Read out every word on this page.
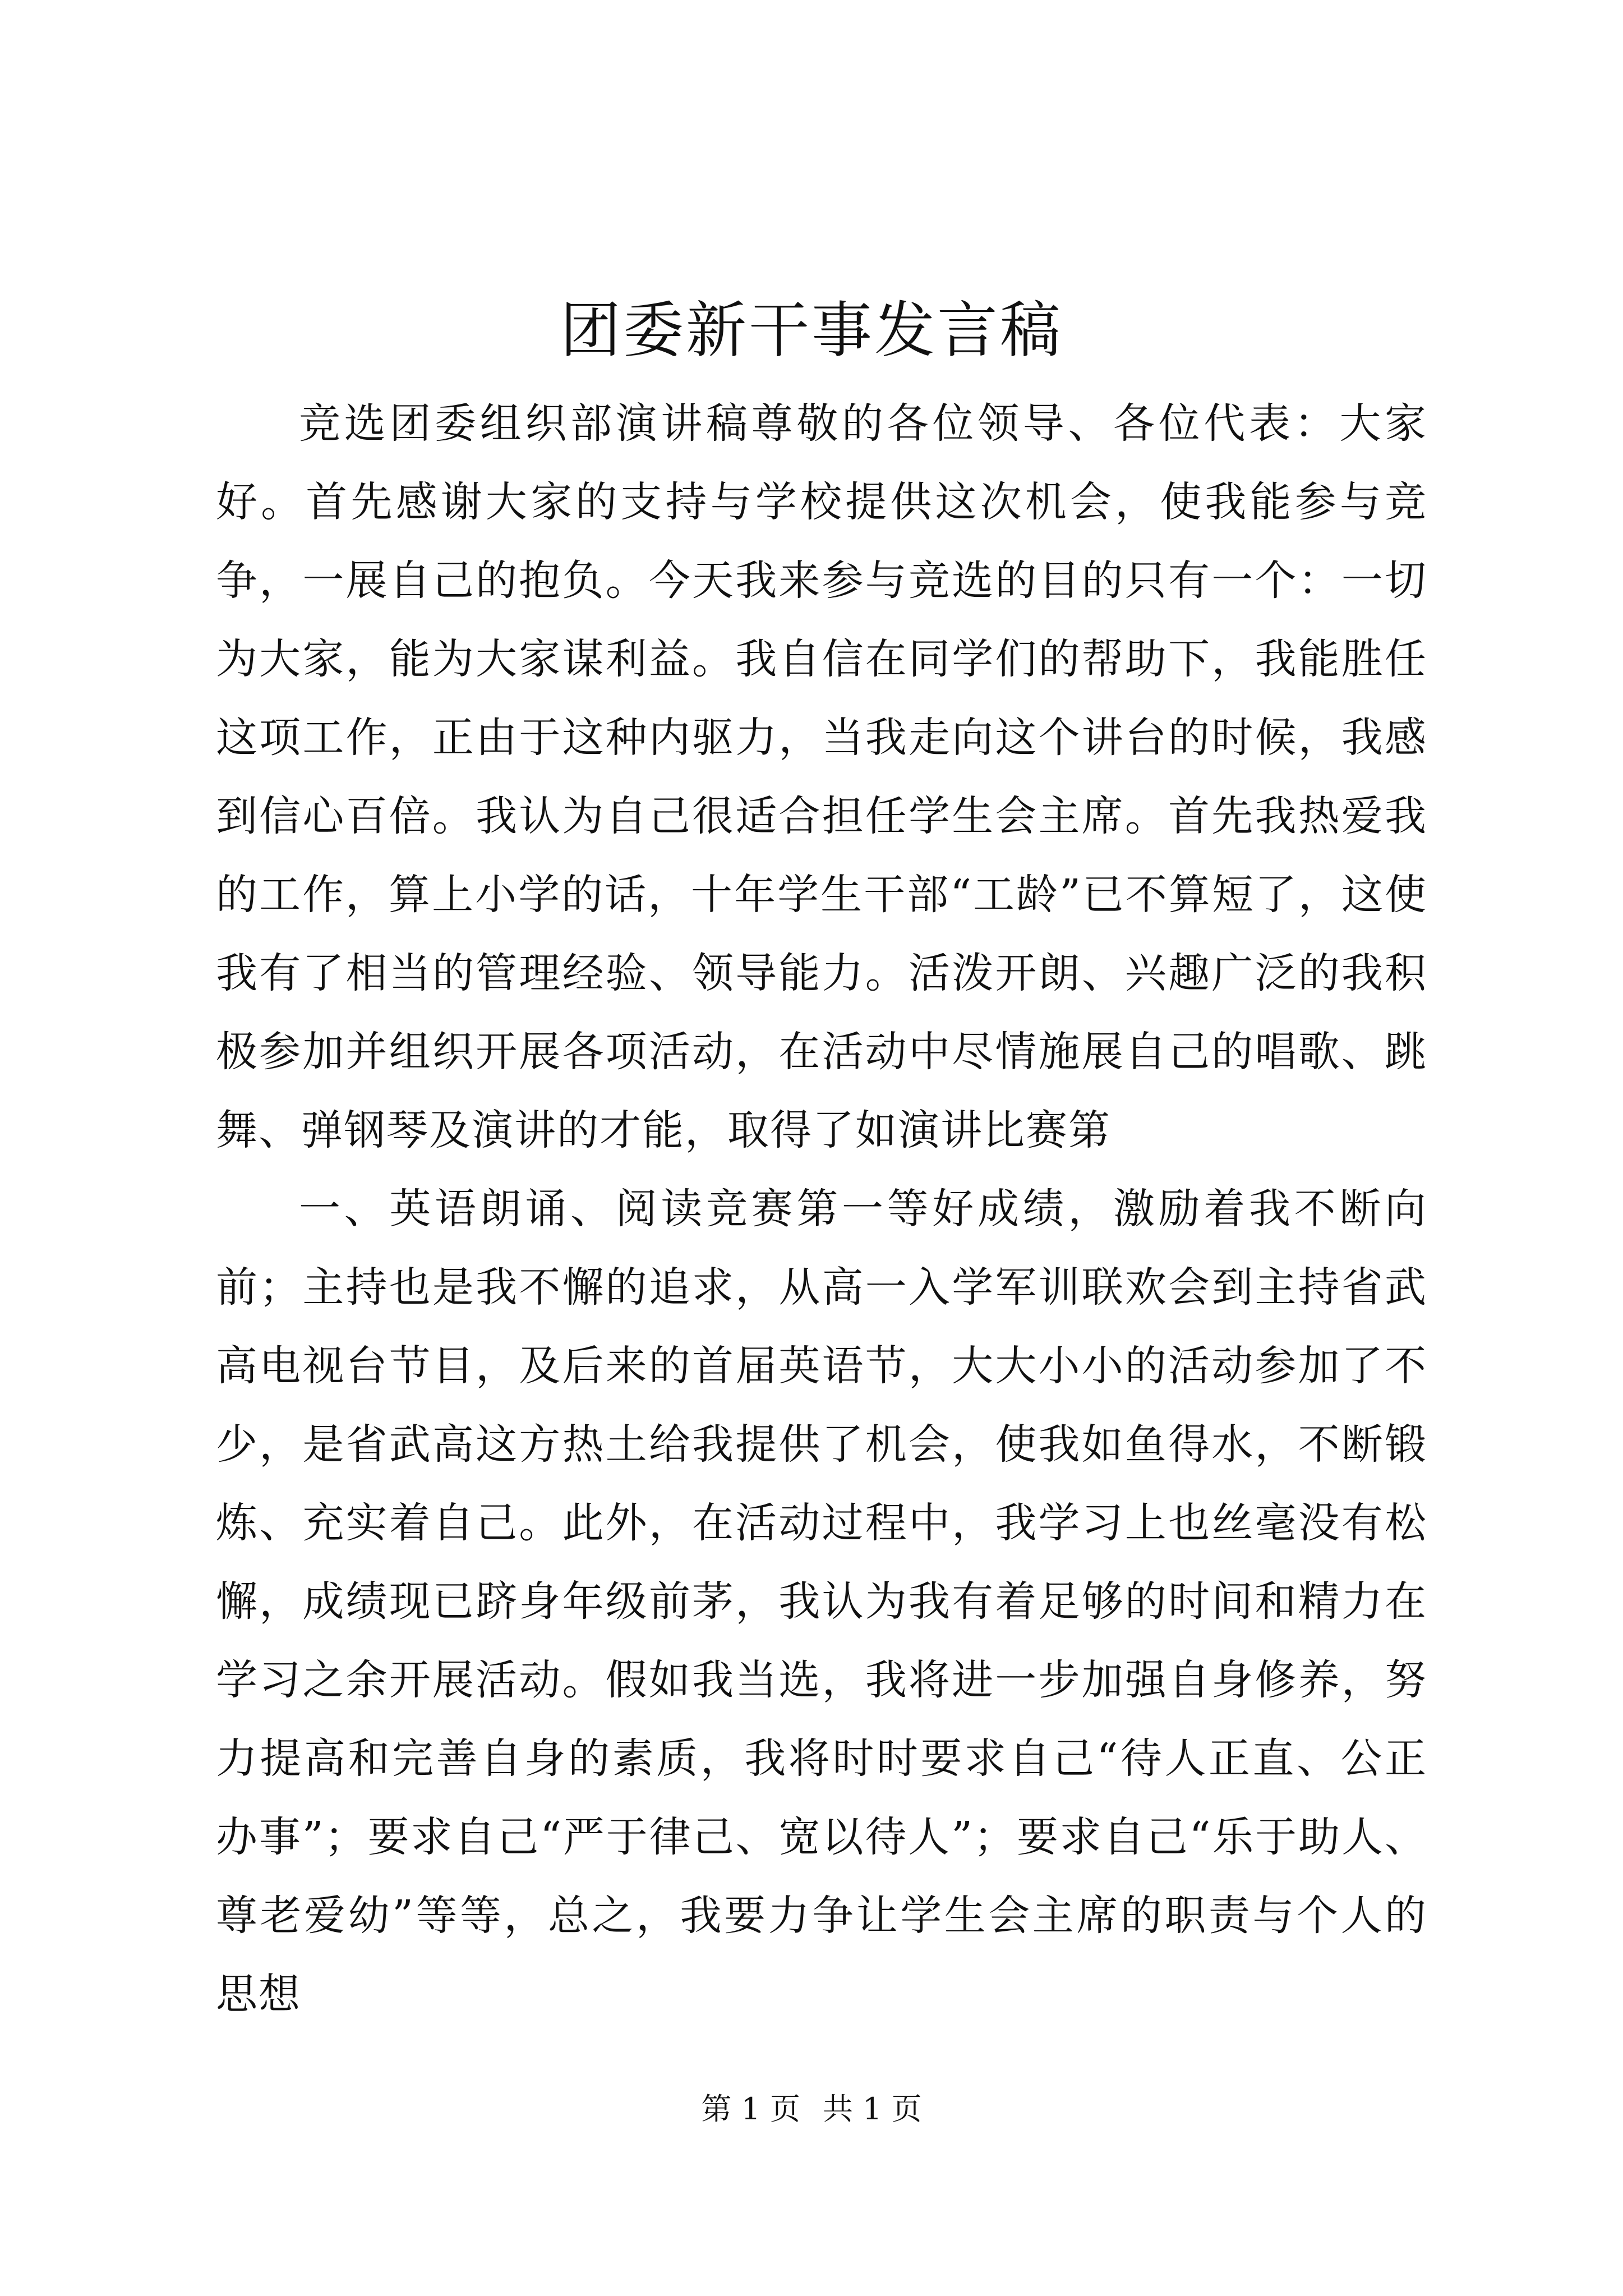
团委新干事发言稿

竞选团委组织部演讲稿尊敬的各位领导、各位代表：大家好。首先感谢大家的支持与学校提供这次机会，使我能参与竞争，一展自己的抱负。今天我来参与竞选的目的只有一个：一切为大家，能为大家谋利益。我自信在同学们的帮助下，我能胜任这项工作，正由于这种内驱力，当我走向这个讲台的时候，我感到信心百倍。我认为自己很适合担任学生会主席。首先我热爱我的工作，算上小学的话，十年学生干部“工龄”已不算短了，这使我有了相当的管理经验、领导能力。活泼开朗、兴趣广泛的我积极参加并组织开展各项活动，在活动中尽情施展自己的唱歌、跳舞、弹钢琴及演讲的才能，取得了如演讲比赛第

一、英语朗诵、阅读竞赛第一等好成绩，激励着我不断向前；主持也是我不懈的追求，从高一入学军训联欢会到主持省武高电视台节目，及后来的首届英语节，大大小小的活动参加了不少，是省武高这方热土给我提供了机会，使我如鱼得水，不断锻炼、充实着自己。此外，在活动过程中，我学习上也丝毫没有松懈，成绩现已跻身年级前茅，我认为我有着足够的时间和精力在学习之余开展活动。假如我当选，我将进一步加强自身修养，努力提高和完善自身的素质，我将时时要求自己“待人正直、公正办事”；要求自己“严于律己、宽以待人”；要求自己“乐于助人、尊老爱幼”等等，总之，我要力争让学生会主席的职责与个人的思想

第 1 页 共 1 页
